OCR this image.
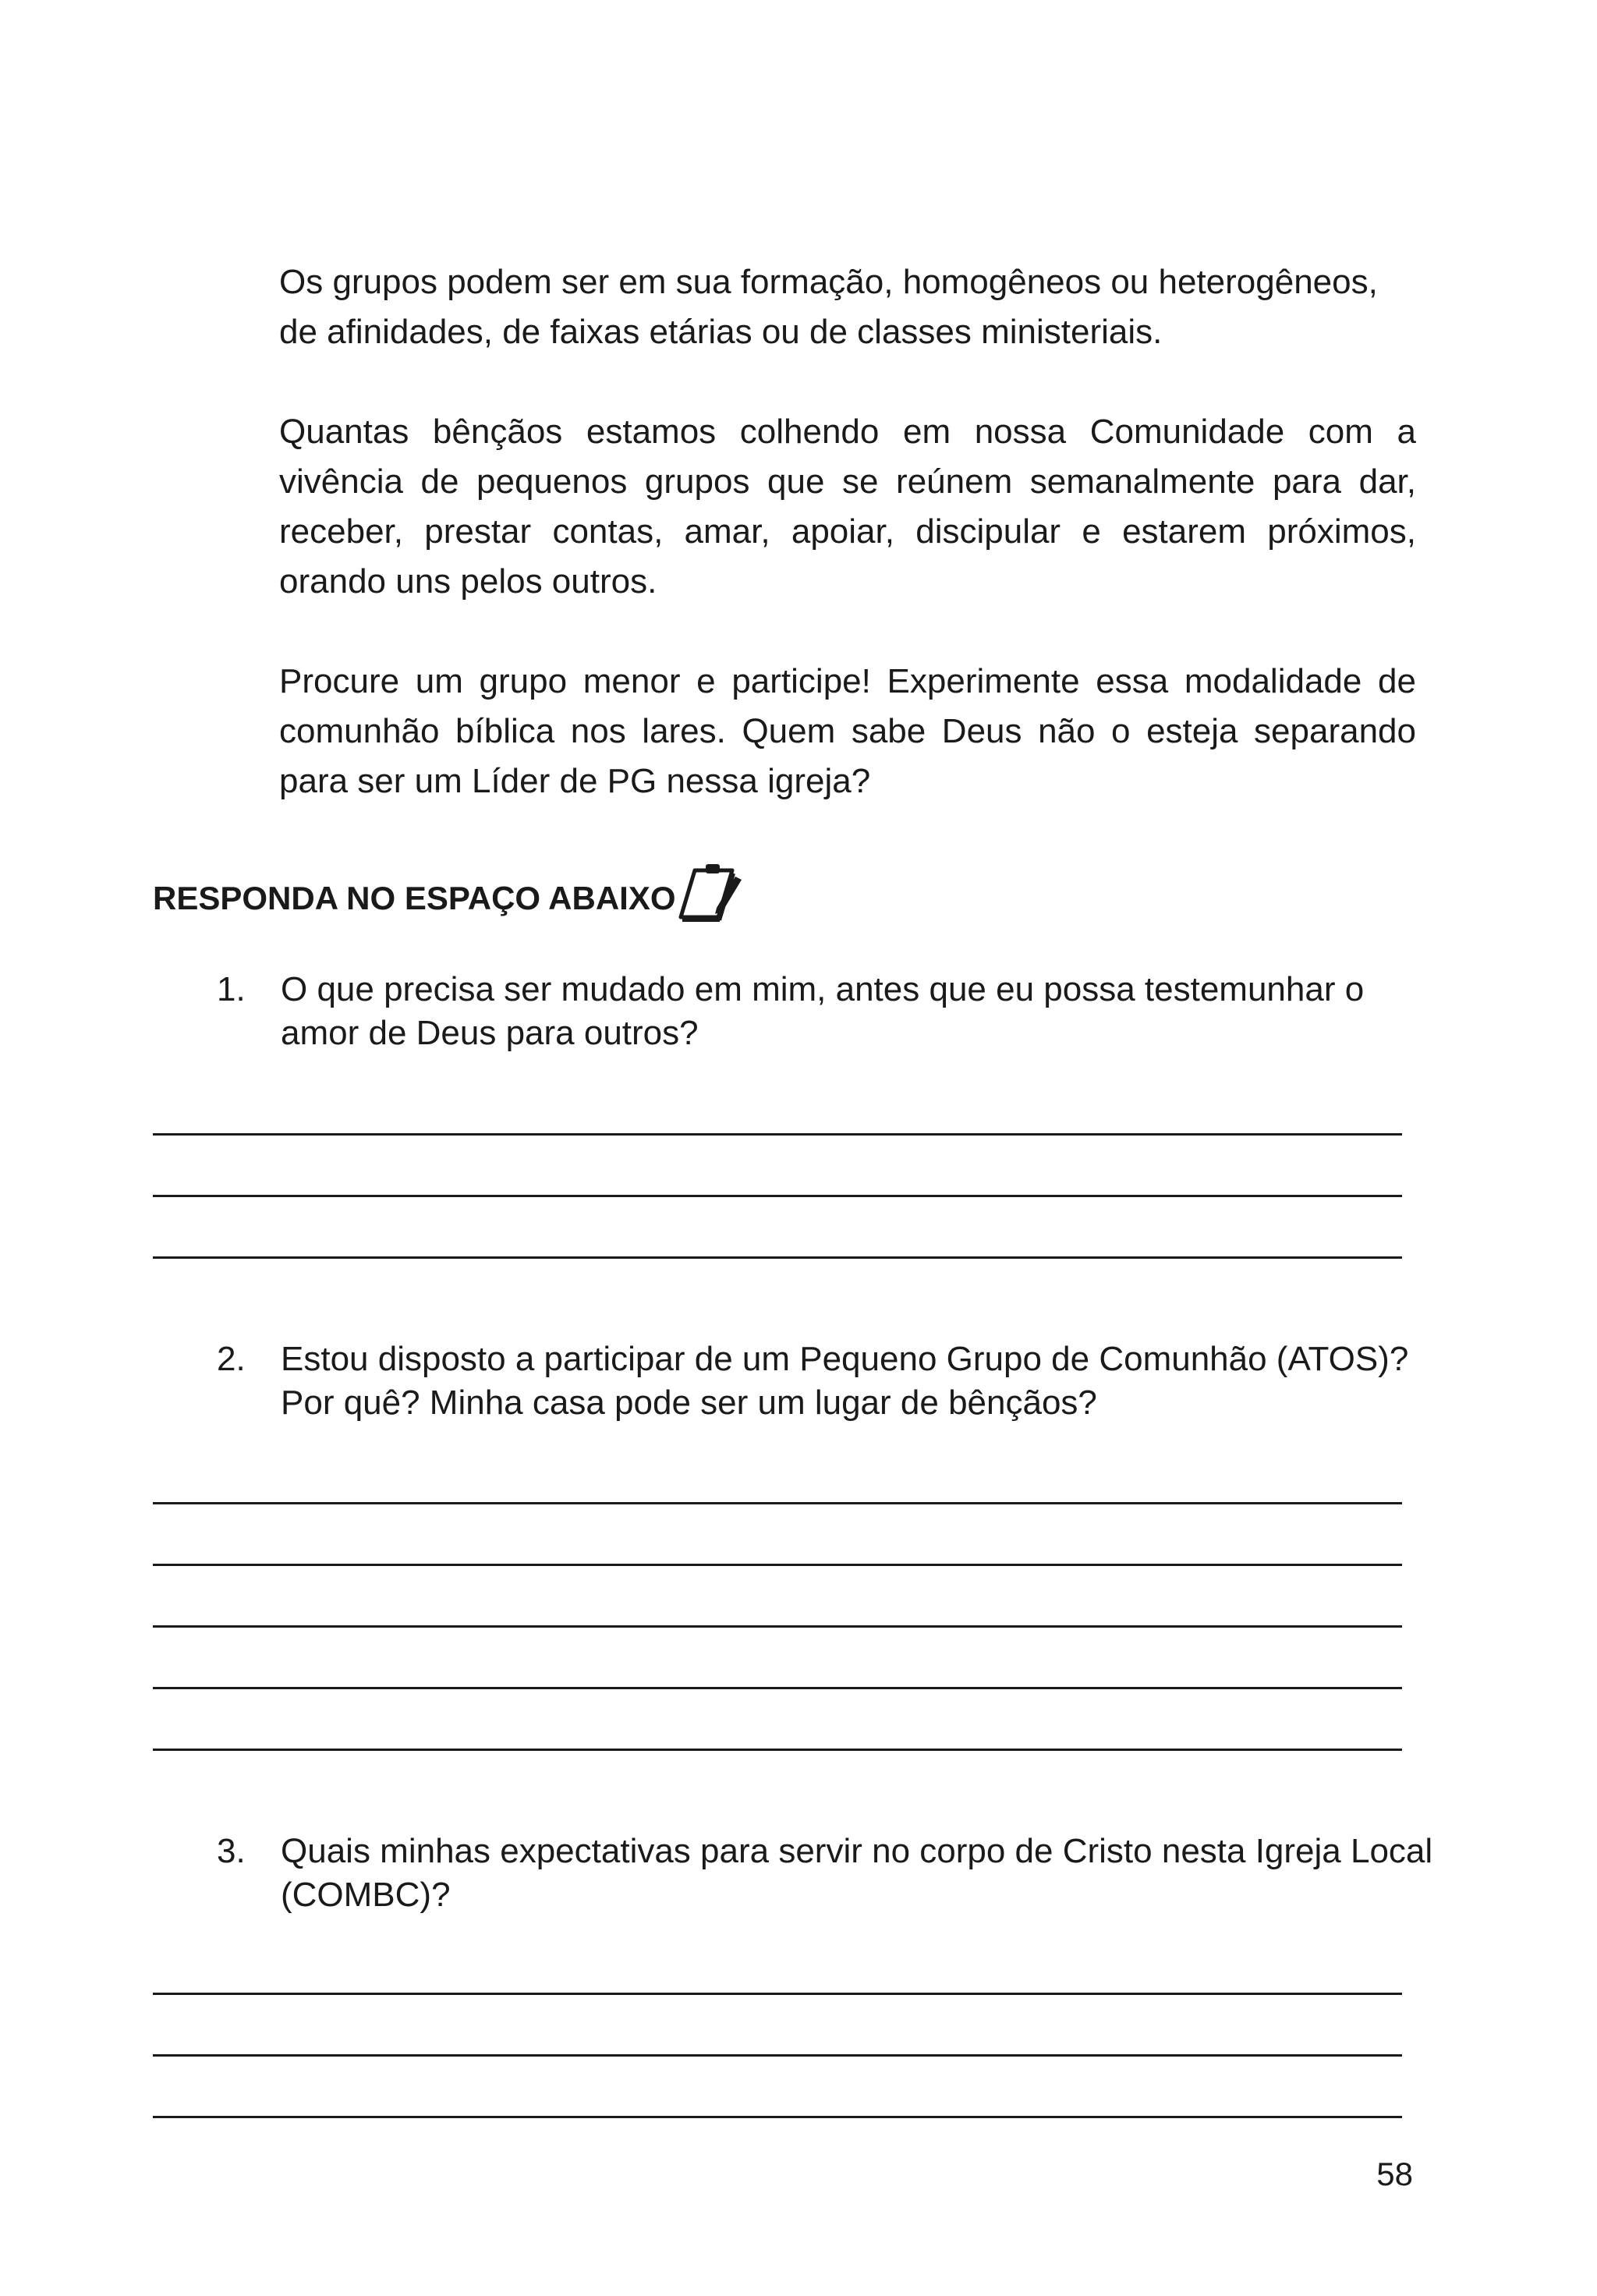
Os grupos podem ser em sua formação, homogêneos ou heterogêneos, de afinidades, de faixas etárias ou de classes ministeriais.

Quantas bênçãos estamos colhendo em nossa Comunidade com a vivência de pequenos grupos que se reúnem semanalmente para dar, receber, prestar contas, amar, apoiar, discipular e estarem próximos, orando uns pelos outros.

Procure um grupo menor e participe! Experimente essa modalidade de comunhão bíblica nos lares. Quem sabe Deus não o esteja separando para ser um Líder de PG nessa igreja?

RESPONDA NO ESPAÇO ABAIXO
1.	O que precisa ser mudado em mim, antes que eu possa testemunhar o amor de Deus para outros?
2.	Estou disposto a participar de um Pequeno Grupo de Comunhão (ATOS)? Por quê? Minha casa pode ser um lugar de bênçãos?
3.	Quais minhas expectativas para servir no corpo de Cristo nesta Igreja Local (COMBC)?
58
